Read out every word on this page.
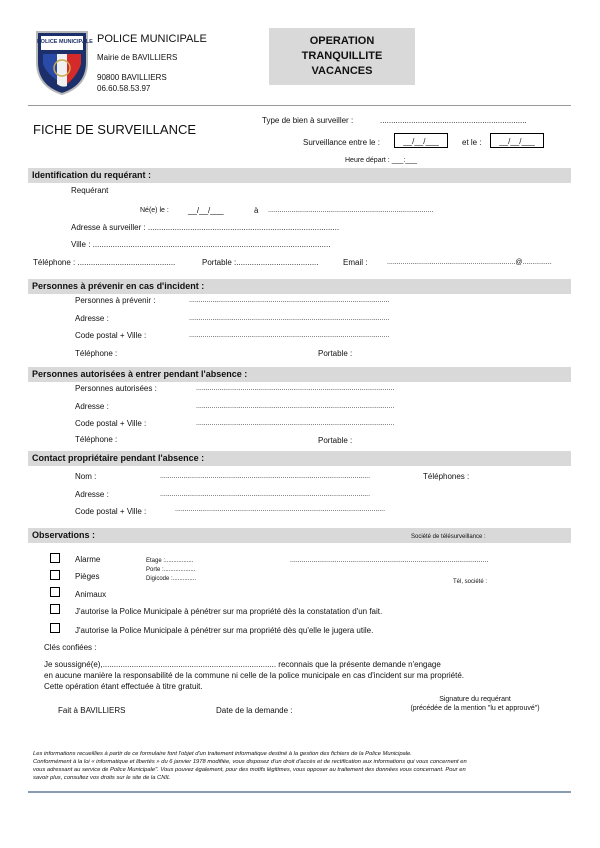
POLICE MUNICIPALE POLICE MUNICIPALE
Mairie de BAVILLIERS
90800 BAVILLIERS
06.60.58.53.97
OPERATION
TRANQUILLITE
VACANCES
FICHE DE SURVEILLANCE
Type de bien à surveiller :	..................................................................
Surveillance entre le :	__/__/___	et le :	__/__/___
Heure départ : ___:___
Identification du requérant :
Requérant
Né(e) le : __/__/___	à .....................................................................................
Adresse à surveiller : ......................................................................................
Ville : ...........................................................................................................
Téléphone : ............................................	Portable :.....................................	Email :	..................................................................@...............
Personnes à prévenir en cas d'incident :
Personnes à prévenir :	.......................................................................................................
Adresse :	.......................................................................................................
Code postal + Ville :	.......................................................................................................
Téléphone :	Portable :
Personnes autorisées à entrer pendant l'absence :
Personnes autorisées :	......................................................................................................
Adresse :	......................................................................................................
Code postal + Ville :	......................................................................................................
Téléphone :	Portable :
Contact propriétaire pendant l'absence :
Nom :	............................................................................................................	Téléphones :
Adresse :	............................................................................................................
Code postal + Ville :	............................................................................................................
Observations :	Société de télésurveillance :
......................................................................................................
Alarme	Etage :.................
Porte :...................
Digicode :..............
Pièges
Tél, société :
Animaux
J'autorise la Police Municipale à pénétrer sur ma propriété dès la constatation d'un fait.
J'autorise la Police Municipale à pénétrer sur ma propriété dès qu'elle le jugera utile.
Clés confiées :
Je soussigné(e),.............................................................................. reconnais que la présente demande n'engage
en aucune manière la responsabilité de la commune ni celle de la police municipale en cas d'incident sur ma propriété.
Cette opération étant effectuée à titre gratuit.
Fait à BAVILLIERS	Date de la demande :
Signature du requérant
(précédée de la mention "lu et approuvé")
Les informations recueillies à partir de ce formulaire font l'objet d'un traitement informatique destiné à la gestion des fichiers de la Police Municipale.
Conformément à la loi « informatique et libertés » du 6 janvier 1978 modifiée, vous disposez d'un droit d'accès et de rectification aux informations qui vous concernent en
vous adressant au service de Police Municipale". Vous pouvez également, pour des motifs légitimes, vous opposer au traitement des données vous concernant. Pour en
savoir plus, consultez vos droits sur le site de la CNIL
